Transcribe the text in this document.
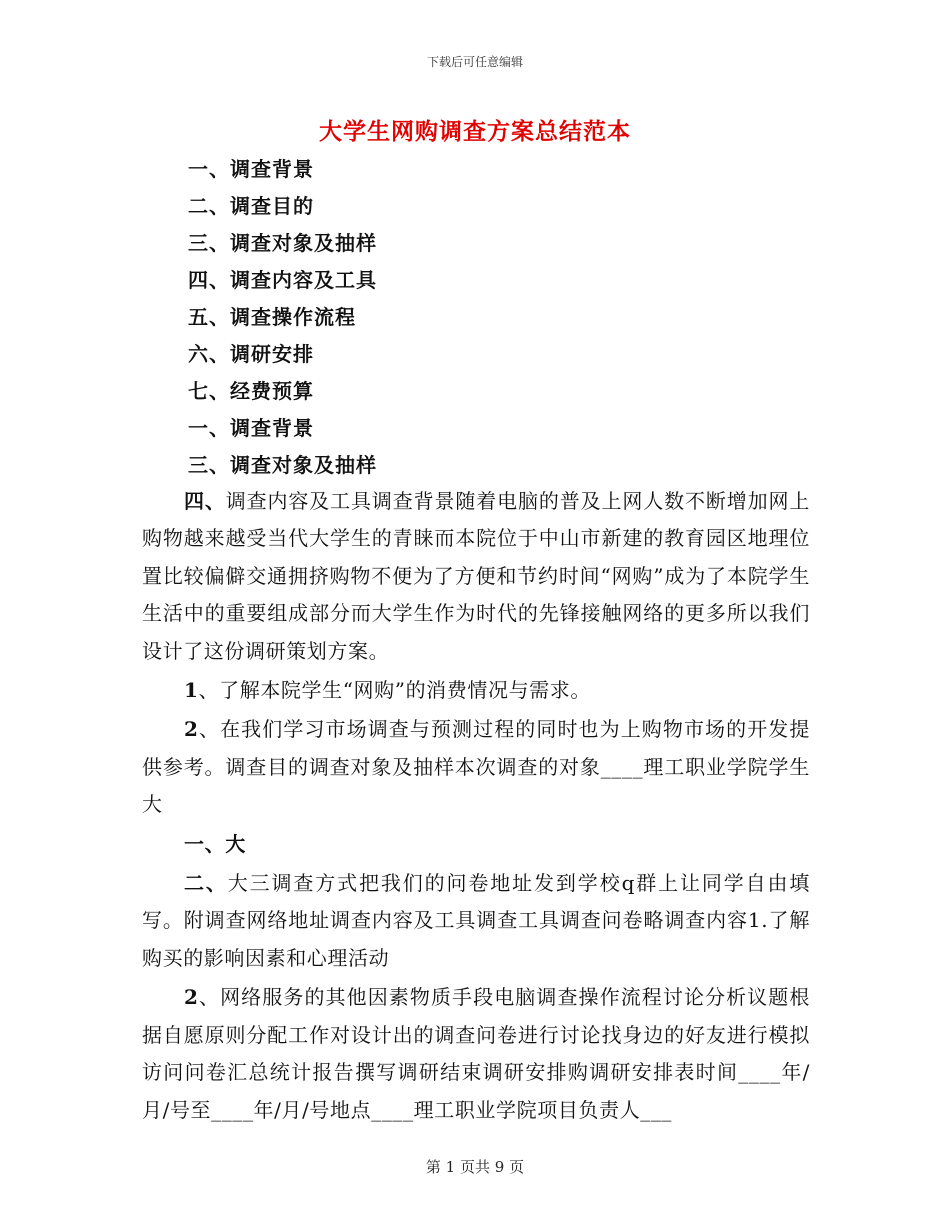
下载后可任意编辑
大学生网购调查方案总结范本
一、调查背景
二、调查目的
三、调查对象及抽样
四、调查内容及工具
五、调查操作流程
六、调研安排
七、经费预算
一、调查背景
三、调查对象及抽样

四、调查内容及工具调查背景随着电脑的普及上网人数不断增加网上购物越来越受当代大学生的青睐而本院位于中山市新建的教育园区地理位置比较偏僻交通拥挤购物不便为了方便和节约时间“网购”成为了本院学生生活中的重要组成部分而大学生作为时代的先锋接触网络的更多所以我们设计了这份调研策划方案。

1、了解本院学生“网购”的消费情况与需求。

2、在我们学习市场调查与预测过程的同时也为上购物市场的开发提供参考。调查目的调查对象及抽样本次调查的对象____理工职业学院学生大

一、大

二、大三调查方式把我们的问卷地址发到学校q群上让同学自由填写。附调查网络地址调查内容及工具调查工具调查问卷略调查内容1.了解购买的影响因素和心理活动

2、网络服务的其他因素物质手段电脑调查操作流程讨论分析议题根据自愿原则分配工作对设计出的调查问卷进行讨论找身边的好友进行模拟访问问卷汇总统计报告撰写调研结束调研安排购调研安排表时间____年/月/号至____年/月/号地点____理工职业学院项目负责人___

第 1 页共 9 页
